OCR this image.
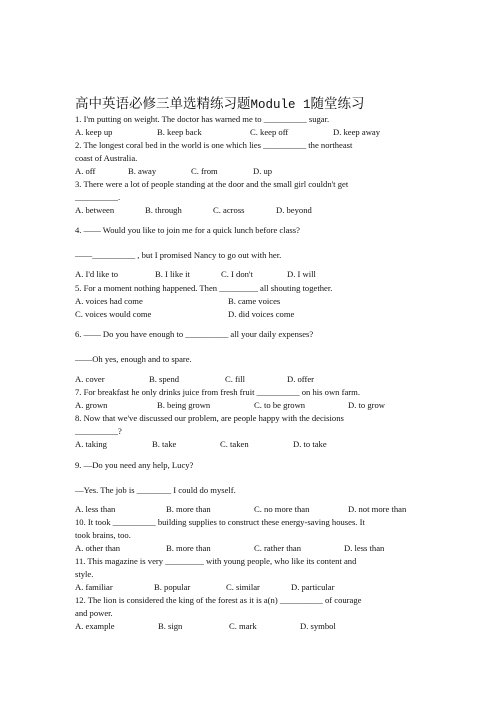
高中英语必修三单选精练习题Module 1随堂练习
1. I'm putting on weight. The doctor has warned me to __________ sugar.
A. keep up	B. keep back	C. keep off	D. keep away
2. The longest coral bed in the world is one which lies __________ the northeast
coast of Australia.
A. off	B. away	C. from	D. up
3. There were a lot of people standing at the door and the small girl couldn't get
__________.
A. between	B. through	C. across	D. beyond
4. —— Would you like to join me for a quick lunch before class?
——__________ , but I promised Nancy to go out with her.
A. I'd like to	B. I like it	C. I don't	D. I will
5. For a moment nothing happened. Then _________ all shouting together.
A. voices had come	B. came voices
C. voices would come	D. did voices come
6. —— Do you have enough to __________ all your daily expenses?
——Oh yes, enough and to spare.
A. cover	B. spend	C. fill	D. offer
7. For breakfast he only drinks juice from fresh fruit __________ on his own farm.
A. grown	B. being grown	C. to be grown	D. to grow
8. Now that we've discussed our problem, are people happy with the decisions
__________?
A. taking	B. take	C. taken	D. to take
9. —Do you need any help, Lucy?
—Yes. The job is ________ I could do myself.
A. less than	B. more than	C. no more than	D. not more than
10. It took __________ building supplies to construct these energy-saving houses. It
took brains, too.
A. other than	B. more than	C. rather than	D. less than
11. This magazine is very _________ with young people, who like its content and
style.
A. familiar	B. popular	C. similar	D. particular
12. The lion is considered the king of the forest as it is a(n) __________ of courage
and power.
A. example	B. sign	C. mark	D. symbol
